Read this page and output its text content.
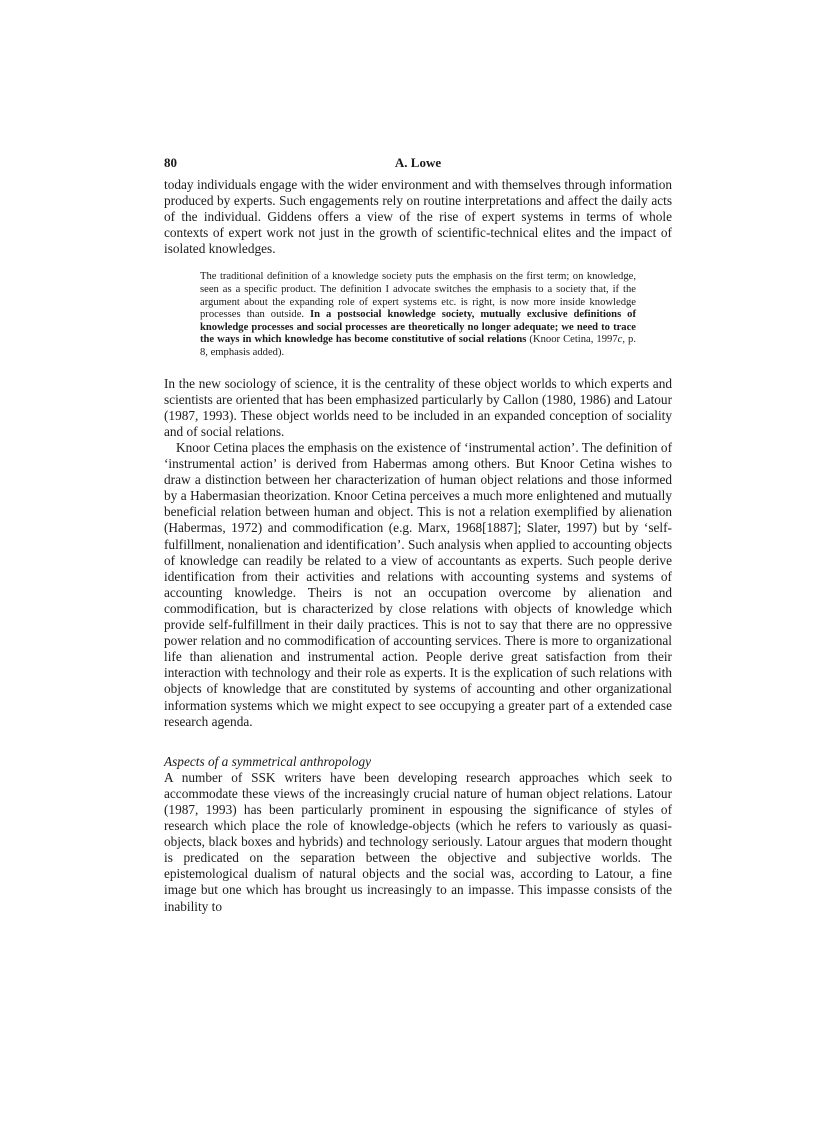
80	A. Lowe

today individuals engage with the wider environment and with themselves through information produced by experts. Such engagements rely on routine interpretations and affect the daily acts of the individual. Giddens offers a view of the rise of expert systems in terms of whole contexts of expert work not just in the growth of scientific-technical elites and the impact of isolated knowledges.

The traditional definition of a knowledge society puts the emphasis on the first term; on knowledge, seen as a specific product. The definition I advocate switches the emphasis to a society that, if the argument about the expanding role of expert systems etc. is right, is now more inside knowledge processes than outside. In a postsocial knowledge society, mutually exclusive definitions of knowledge processes and social processes are theoretically no longer adequate; we need to trace the ways in which knowledge has become constitutive of social relations (Knoor Cetina, 1997c, p. 8, emphasis added).

In the new sociology of science, it is the centrality of these object worlds to which experts and scientists are oriented that has been emphasized particularly by Callon (1980, 1986) and Latour (1987, 1993). These object worlds need to be included in an expanded conception of sociality and of social relations.

Knoor Cetina places the emphasis on the existence of ‘instrumental action’. The definition of ‘instrumental action’ is derived from Habermas among others. But Knoor Cetina wishes to draw a distinction between her characterization of human object relations and those informed by a Habermasian theorization. Knoor Cetina perceives a much more enlightened and mutually beneficial relation between human and object. This is not a relation exemplified by alienation (Habermas, 1972) and commodification (e.g. Marx, 1968[1887]; Slater, 1997) but by ‘self-fulfillment, nonalienation and identification’. Such analysis when applied to accounting objects of knowledge can readily be related to a view of accountants as experts. Such people derive identification from their activities and relations with accounting systems and systems of accounting knowledge. Theirs is not an occupation overcome by alienation and commodification, but is characterized by close relations with objects of knowledge which provide self-fulfillment in their daily practices. This is not to say that there are no oppressive power relation and no commodification of accounting services. There is more to organizational life than alienation and instrumental action. People derive great satisfaction from their interaction with technology and their role as experts. It is the explication of such relations with objects of knowledge that are constituted by systems of accounting and other organizational information systems which we might expect to see occupying a greater part of a extended case research agenda.

Aspects of a symmetrical anthropology

A number of SSK writers have been developing research approaches which seek to accommodate these views of the increasingly crucial nature of human object relations. Latour (1987, 1993) has been particularly prominent in espousing the significance of styles of research which place the role of knowledge-objects (which he refers to variously as quasi-objects, black boxes and hybrids) and technology seriously. Latour argues that modern thought is predicated on the separation between the objective and subjective worlds. The epistemological dualism of natural objects and the social was, according to Latour, a fine image but one which has brought us increasingly to an impasse. This impasse consists of the inability to
